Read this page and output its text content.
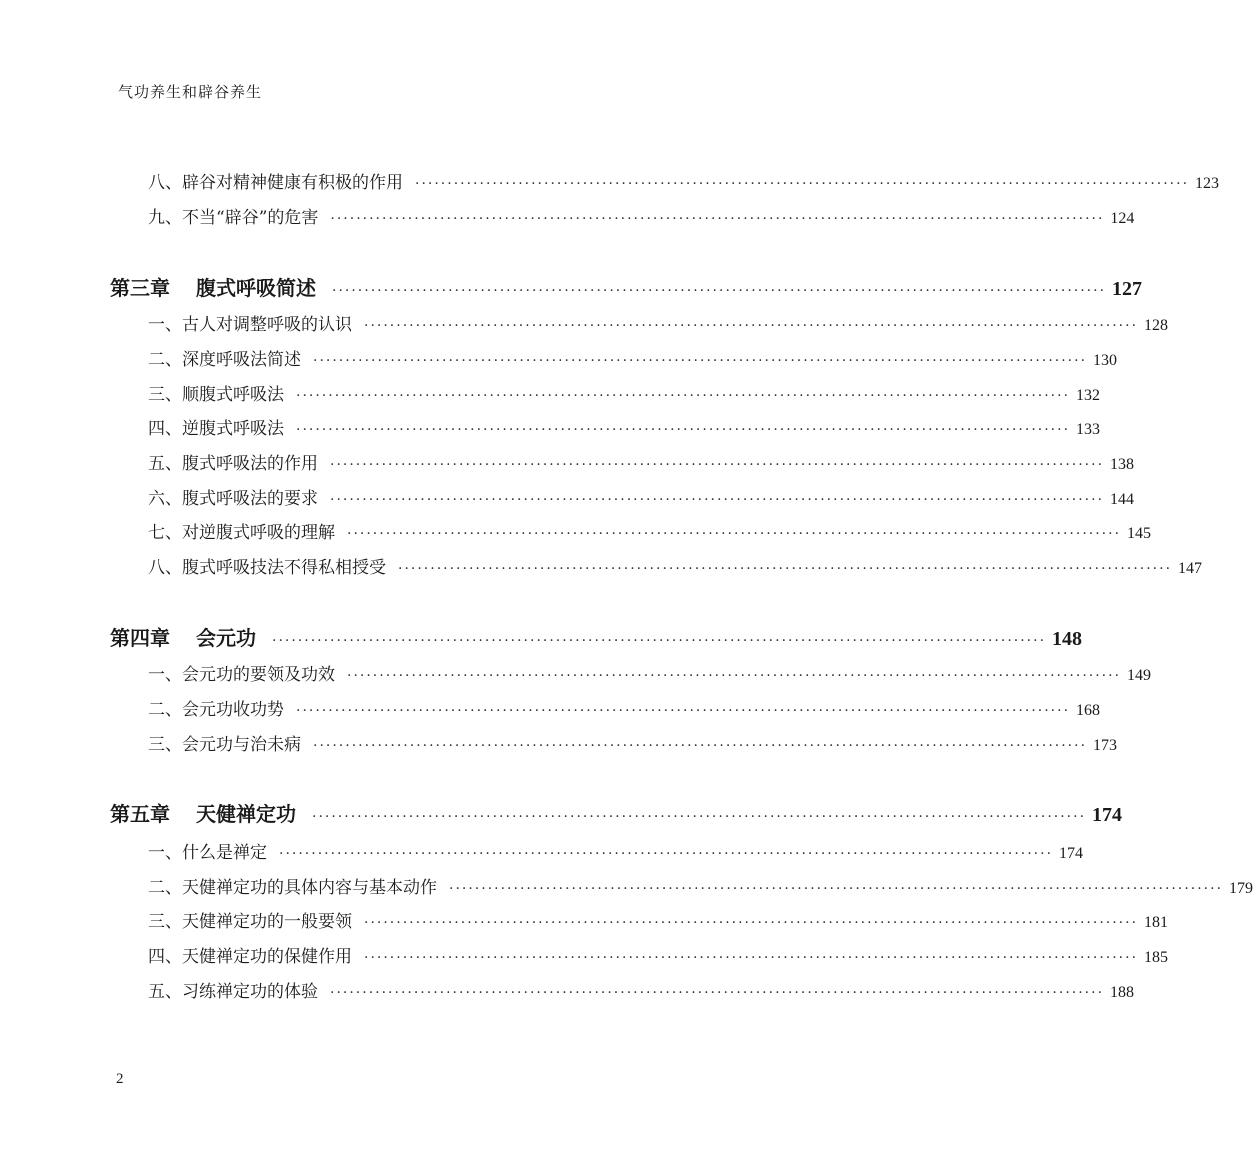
气功养生和辟谷养生
八、辟谷对精神健康有积极的作用 ························································································································ 123
九、不当“辟谷”的危害 ························································································································ 124
第三章 腹式呼吸简述 ························································································································ 127
一、古人对调整呼吸的认识 ························································································································ 128
二、深度呼吸法简述 ························································································································ 130
三、顺腹式呼吸法 ························································································································ 132
四、逆腹式呼吸法 ························································································································ 133
五、腹式呼吸法的作用 ························································································································ 138
六、腹式呼吸法的要求 ························································································································ 144
七、对逆腹式呼吸的理解 ························································································································ 145
八、腹式呼吸技法不得私相授受 ························································································································ 147
第四章 会元功 ························································································································ 148
一、会元功的要领及功效 ························································································································ 149
二、会元功收功势 ························································································································ 168
三、会元功与治未病 ························································································································ 173
第五章 天健禅定功 ························································································································ 174
一、什么是禅定 ························································································································ 174
二、天健禅定功的具体内容与基本动作 ························································································································ 179
三、天健禅定功的一般要领 ························································································································ 181
四、天健禅定功的保健作用 ························································································································ 185
五、习练禅定功的体验 ························································································································ 188
2
